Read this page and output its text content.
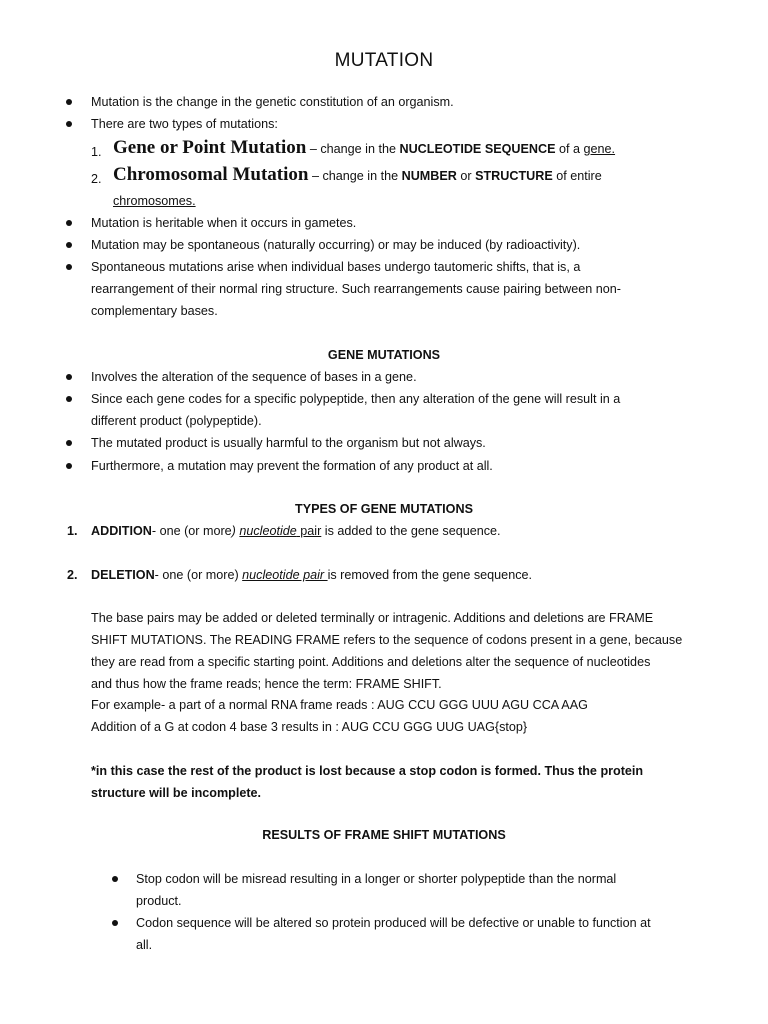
MUTATION
Mutation is the change in the genetic constitution of an organism.
There are two types of mutations:
1. Gene or Point Mutation – change in the NUCLEOTIDE SEQUENCE of a gene.
2. Chromosomal Mutation – change in the NUMBER or STRUCTURE of entire
chromosomes.
Mutation is heritable when it occurs in gametes.
Mutation may be spontaneous (naturally occurring) or may be induced (by radioactivity).
Spontaneous mutations arise when individual bases undergo tautomeric shifts, that is, a
rearrangement of their normal ring structure. Such rearrangements cause pairing between non-
complementary bases.
GENE MUTATIONS
Involves the alteration of the sequence of bases in a gene.
Since each gene codes for a specific polypeptide, then any alteration of the gene will result in a
different product (polypeptide).
The mutated product is usually harmful to the organism but not always.
Furthermore, a mutation may prevent the formation of any product at all.
TYPES OF GENE MUTATIONS
1. ADDITION- one (or more) nucleotide pair is added to the gene sequence.
2. DELETION- one (or more) nucleotide pair is removed from the gene sequence.
The base pairs may be added or deleted terminally or intragenic. Additions and deletions are FRAME
SHIFT MUTATIONS. The READING FRAME refers to the sequence of codons present in a gene, because
they are read from a specific starting point. Additions and deletions alter the sequence of nucleotides
and thus how the frame reads; hence the term: FRAME SHIFT.
For example- a part of a normal RNA frame reads : AUG CCU GGG UUU AGU CCA AAG
Addition of a G at codon 4 base 3 results in : AUG CCU GGG UUG UAG{stop}
*in this case the rest of the product is lost because a stop codon is formed. Thus the protein
structure will be incomplete.
RESULTS OF FRAME SHIFT MUTATIONS
Stop codon will be misread resulting in a longer or shorter polypeptide than the normal
product.
Codon sequence will be altered so protein produced will be defective or unable to function at
all.
